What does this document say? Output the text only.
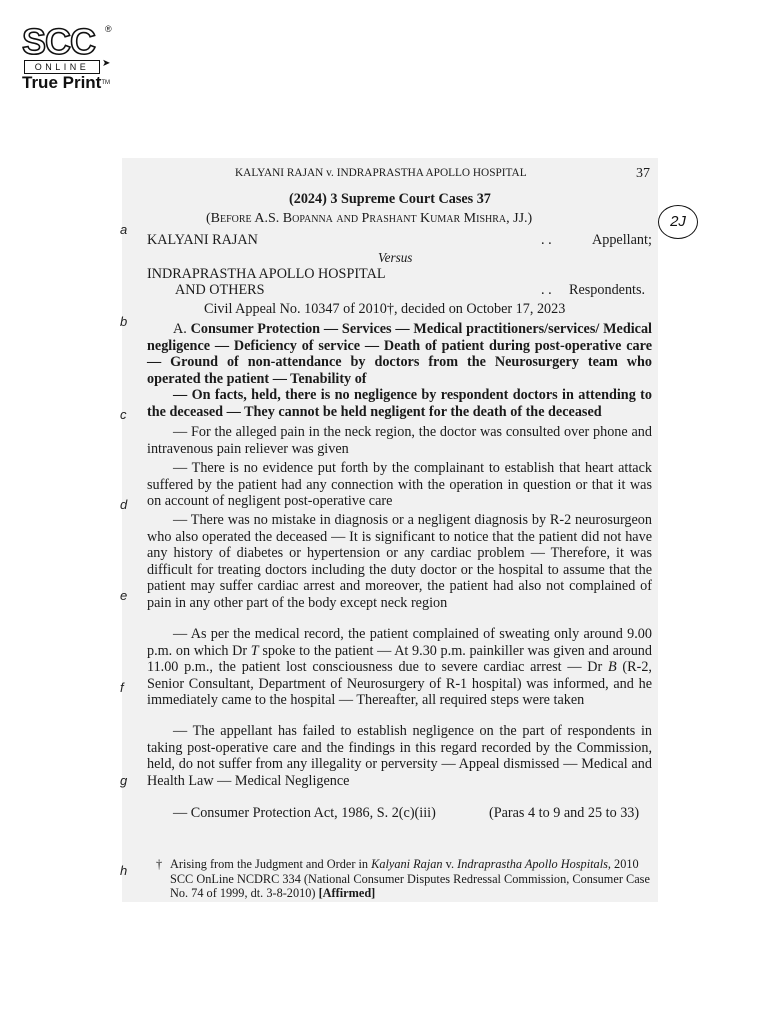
SCC ®
ONLINE	➤
True Print™
KALYANI RAJAN v. INDRAPRASTHA APOLLO HOSPITAL	37
(2024) 3 Supreme Court Cases 37
(Before A.S. Bopanna and Prashant Kumar Mishra, JJ.)	2J
KALYANI RAJAN	. .	Appellant;
Versus
INDRAPRASTHA APOLLO HOSPITAL
AND OTHERS	. . Respondents.
Civil Appeal No. 10347 of 2010†, decided on October 17, 2023
a
b
c
d
e
f
g
h
A. Consumer Protection — Services — Medical practitioners/services/ Medical negligence — Deficiency of service — Death of patient during post-operative care — Ground of non-attendance by doctors from the Neurosurgery team who operated the patient — Tenability of
— On facts, held, there is no negligence by respondent doctors in attending to the deceased — They cannot be held negligent for the death of the deceased
— For the alleged pain in the neck region, the doctor was consulted over phone and intravenous pain reliever was given
— There is no evidence put forth by the complainant to establish that heart attack suffered by the patient had any connection with the operation in question or that it was on account of negligent post-operative care
— There was no mistake in diagnosis or a negligent diagnosis by R-2 neurosurgeon who also operated the deceased — It is significant to notice that the patient did not have any history of diabetes or hypertension or any cardiac problem — Therefore, it was difficult for treating doctors including the duty doctor or the hospital to assume that the patient may suffer cardiac arrest and moreover, the patient had also not complained of pain in any other part of the body except neck region
— As per the medical record, the patient complained of sweating only around 9.00 p.m. on which Dr T spoke to the patient — At 9.30 p.m. painkiller was given and around 11.00 p.m., the patient lost consciousness due to severe cardiac arrest — Dr B (R-2, Senior Consultant, Department of Neurosurgery of R-1 hospital) was informed, and he immediately came to the hospital — Thereafter, all required steps were taken
— The appellant has failed to establish negligence on the part of respondents in taking post-operative care and the findings in this regard recorded by the Commission, held, do not suffer from any illegality or perversity — Appeal dismissed — Medical and Health Law — Medical Negligence
— Consumer Protection Act, 1986, S. 2(c)(iii)	(Paras 4 to 9 and 25 to 33)
† Arising from the Judgment and Order in Kalyani Rajan v. Indraprastha Apollo Hospitals, 2010 SCC OnLine NCDRC 334 (National Consumer Disputes Redressal Commission, Consumer Case No. 74 of 1999, dt. 3-8-2010) [Affirmed]
